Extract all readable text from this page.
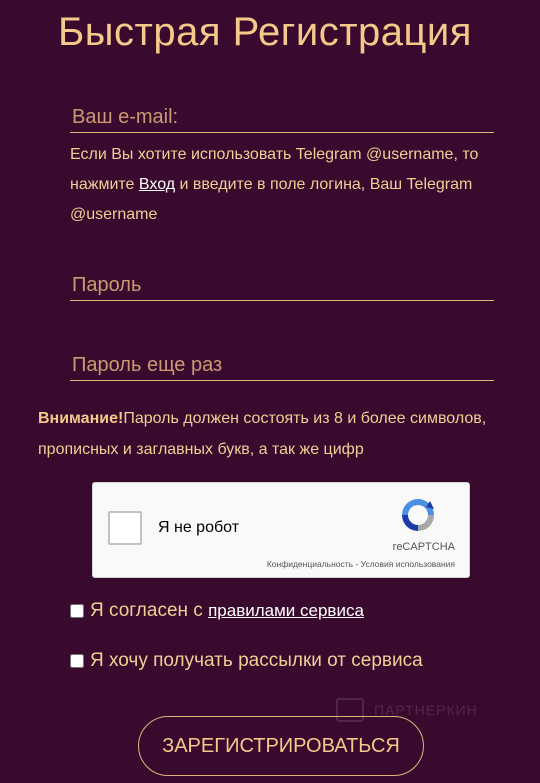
Быстрая Регистрация
Ваш e-mail:
Если Вы хотите использовать Telegram @username, то нажмите Вход и введите в поле логина, Ваш Telegram @username
Внимание!Пароль должен состоять из 8 и более символов, прописных и заглавных букв, а так же цифр
Я не робот
reCAPTCHA
Конфиденциальность - Условия использования
Я согласен с
правилами сервиса
Я хочу получать рассылки от сервиса
ПАРТНЕРКИН
ЗАРЕГИСТРИРОВАТЬСЯ
